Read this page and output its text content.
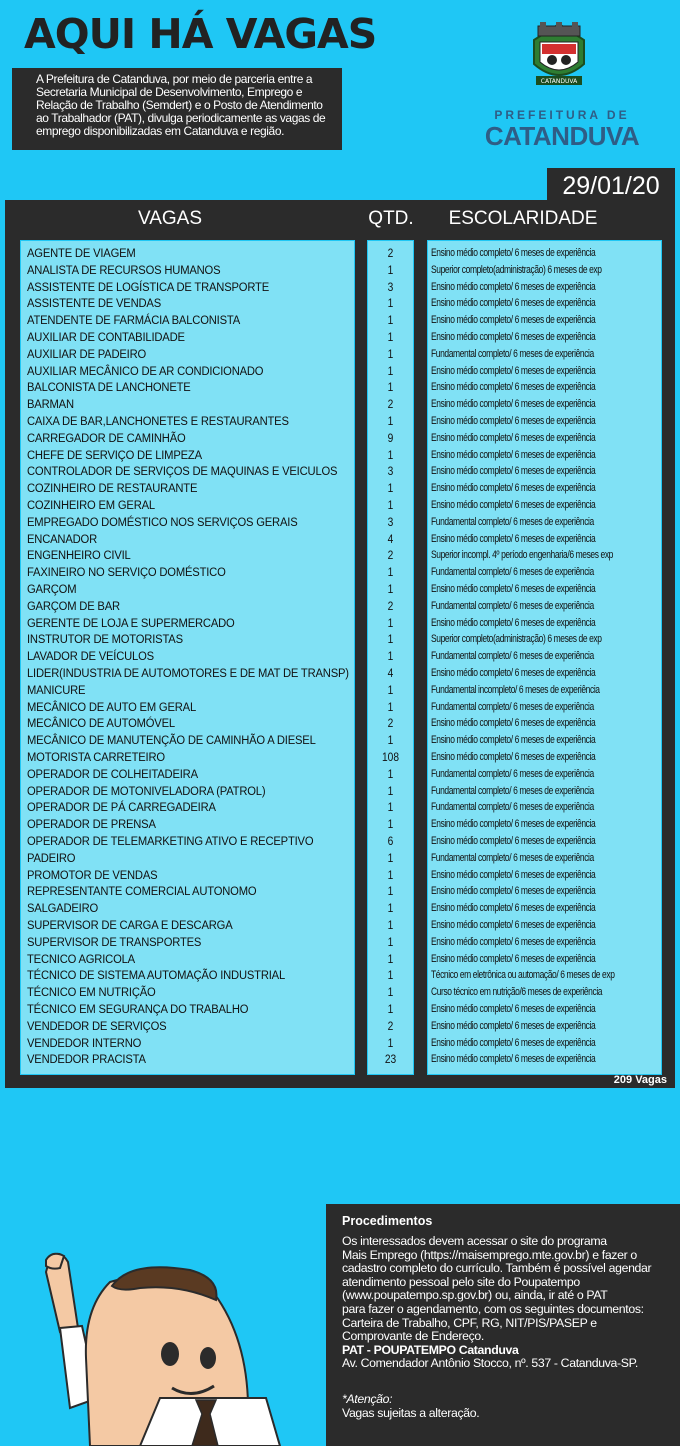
AQUI HÁ VAGAS
A Prefeitura de Catanduva, por meio de parceria entre a
Secretaria Municipal de Desenvolvimento, Emprego e
Relação de Trabalho (Semdert) e o Posto de Atendimento
ao Trabalhador (PAT), divulga periodicamente as vagas de
emprego disponibilizadas em Catanduva e região.
CATANDUVA
PREFEITURA DE
CATANDUVA
29/01/20
VAGAS	QTD.	ESCOLARIDADE
AGENTE DE VIAGEM	2	Ensino médio completo/ 6 meses de experiência
ANALISTA DE RECURSOS HUMANOS	1	Superior completo(administração) 6 meses de exp
ASSISTENTE DE LOGÍSTICA DE TRANSPORTE	3	Ensino médio completo/ 6 meses de experiência
ASSISTENTE DE VENDAS	1	Ensino médio completo/ 6 meses de experiência
ATENDENTE DE FARMÁCIA BALCONISTA	1	Ensino médio completo/ 6 meses de experiência
AUXILIAR DE CONTABILIDADE	1	Ensino médio completo/ 6 meses de experiência
AUXILIAR DE PADEIRO	1	Fundamental completo/ 6 meses de experiência
AUXILIAR MECÂNICO DE AR CONDICIONADO	1	Ensino médio completo/ 6 meses de experiência
BALCONISTA DE LANCHONETE	1	Ensino médio completo/ 6 meses de experiência
BARMAN	2	Ensino médio completo/ 6 meses de experiência
CAIXA DE BAR,LANCHONETES E RESTAURANTES	1	Ensino médio completo/ 6 meses de experiência
CARREGADOR DE CAMINHÃO	9	Ensino médio completo/ 6 meses de experiência
CHEFE DE SERVIÇO DE LIMPEZA	1	Ensino médio completo/ 6 meses de experiência
CONTROLADOR DE SERVIÇOS DE MAQUINAS E VEICULOS	3	Ensino médio completo/ 6 meses de experiência
COZINHEIRO DE RESTAURANTE	1	Ensino médio completo/ 6 meses de experiência
COZINHEIRO EM GERAL	1	Ensino médio completo/ 6 meses de experiência
EMPREGADO DOMÉSTICO NOS SERVIÇOS GERAIS	3	Fundamental completo/ 6 meses de experiência
ENCANADOR	4	Ensino médio completo/ 6 meses de experiência
ENGENHEIRO CIVIL	2	Superior incompl. 4º período engenharia/6 meses exp
FAXINEIRO NO SERVIÇO DOMÉSTICO	1	Fundamental completo/ 6 meses de experiência
GARÇOM	1	Ensino médio completo/ 6 meses de experiência
GARÇOM DE BAR	2	Fundamental completo/ 6 meses de experiência
GERENTE DE LOJA E SUPERMERCADO	1	Ensino médio completo/ 6 meses de experiência
INSTRUTOR DE MOTORISTAS	1	Superior completo(administração) 6 meses de exp
LAVADOR DE VEÍCULOS	1	Fundamental completo/ 6 meses de experiência
LIDER(INDUSTRIA DE AUTOMOTORES E DE MAT DE TRANSP)	4	Ensino médio completo/ 6 meses de experiência
MANICURE	1	Fundamental incompleto/ 6 meses de experiência
MECÂNICO DE AUTO EM GERAL	1	Fundamental completo/ 6 meses de experiência
MECÂNICO DE AUTOMÓVEL	2	Ensino médio completo/ 6 meses de experiência
MECÂNICO DE MANUTENÇÃO DE CAMINHÃO A DIESEL	1	Ensino médio completo/ 6 meses de experiência
MOTORISTA CARRETEIRO	108	Ensino médio completo/ 6 meses de experiência
OPERADOR DE COLHEITADEIRA	1	Fundamental completo/ 6 meses de experiência
OPERADOR DE MOTONIVELADORA (PATROL)	1	Fundamental completo/ 6 meses de experiência
OPERADOR DE PÁ CARREGADEIRA	1	Fundamental completo/ 6 meses de experiência
OPERADOR DE PRENSA	1	Ensino médio completo/ 6 meses de experiência
OPERADOR DE TELEMARKETING ATIVO E RECEPTIVO	6	Ensino médio completo/ 6 meses de experiência
PADEIRO	1	Fundamental completo/ 6 meses de experiência
PROMOTOR DE VENDAS	1	Ensino médio completo/ 6 meses de experiência
REPRESENTANTE COMERCIAL AUTONOMO	1	Ensino médio completo/ 6 meses de experiência
SALGADEIRO	1	Ensino médio completo/ 6 meses de experiência
SUPERVISOR DE CARGA E DESCARGA	1	Ensino médio completo/ 6 meses de experiência
SUPERVISOR DE TRANSPORTES	1	Ensino médio completo/ 6 meses de experiência
TECNICO AGRICOLA	1	Ensino médio completo/ 6 meses de experiência
TÉCNICO DE SISTEMA AUTOMAÇÃO INDUSTRIAL	1	Técnico em eletrônica ou automação/ 6 meses de exp
TÉCNICO EM NUTRIÇÃO	1	Curso técnico em nutrição/6 meses de experiência
TÉCNICO EM SEGURANÇA DO TRABALHO	1	Ensino médio completo/ 6 meses de experiência
VENDEDOR DE SERVIÇOS	2	Ensino médio completo/ 6 meses de experiência
VENDEDOR INTERNO	1	Ensino médio completo/ 6 meses de experiência
VENDEDOR PRACISTA	23	Ensino médio completo/ 6 meses de experiência
209 Vagas
Procedimentos
Os interessados devem acessar o site do programa
Mais Emprego (https://maisemprego.mte.gov.br) e fazer o
cadastro completo do currículo. Também é possível agendar
atendimento pessoal pelo site do Poupatempo
(www.poupatempo.sp.gov.br) ou, ainda, ir até o PAT
para fazer o agendamento, com os seguintes documentos:
Carteira de Trabalho, CPF, RG, NIT/PIS/PASEP e
Comprovante de Endereço.
PAT - POUPATEMPO Catanduva
Av. Comendador Antônio Stocco, nº. 537 - Catanduva-SP.
*Atenção:
Vagas sujeitas a alteração.
